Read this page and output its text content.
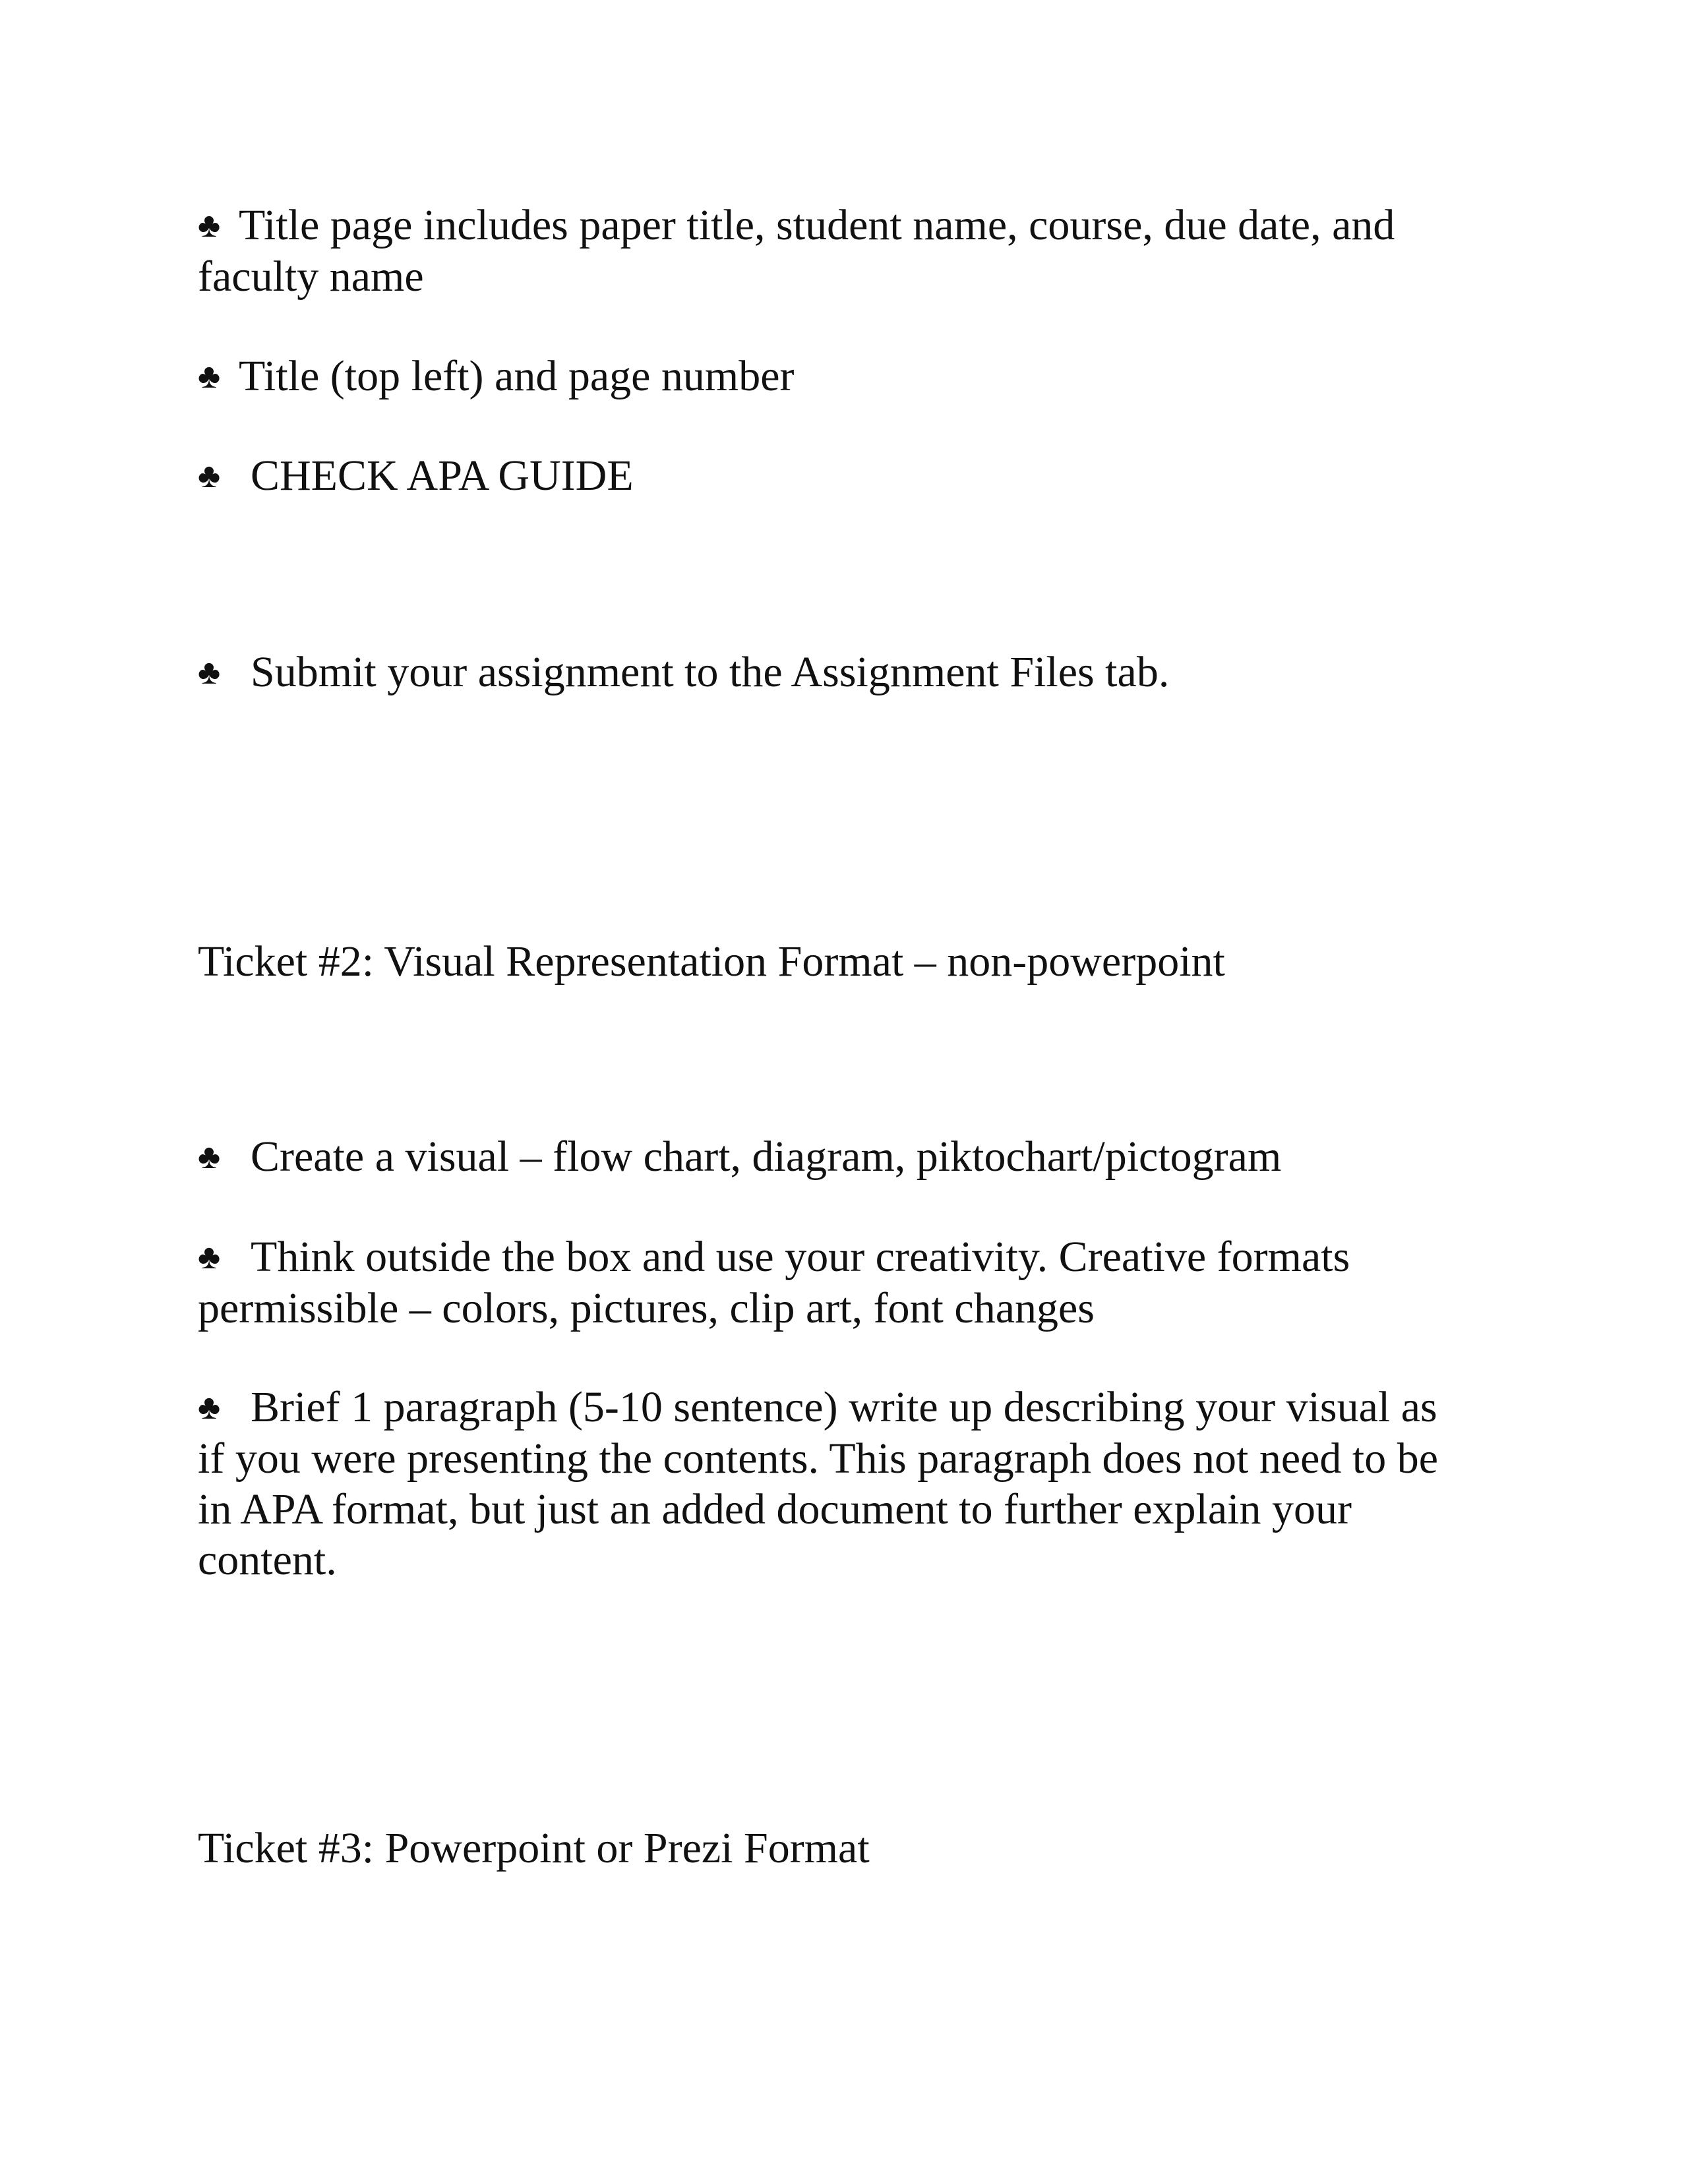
♣ Title page includes paper title, student name, course, due date, and
faculty name

♣ Title (top left) and page number

♣ CHECK APA GUIDE

♣ Submit your assignment to the Assignment Files tab.

Ticket #2: Visual Representation Format – non-powerpoint

♣ Create a visual – flow chart, diagram, piktochart/pictogram

♣ Think outside the box and use your creativity. Creative formats
permissible – colors, pictures, clip art, font changes

♣ Brief 1 paragraph (5-10 sentence) write up describing your visual as
if you were presenting the contents. This paragraph does not need to be
in APA format, but just an added document to further explain your
content.

Ticket #3: Powerpoint or Prezi Format
